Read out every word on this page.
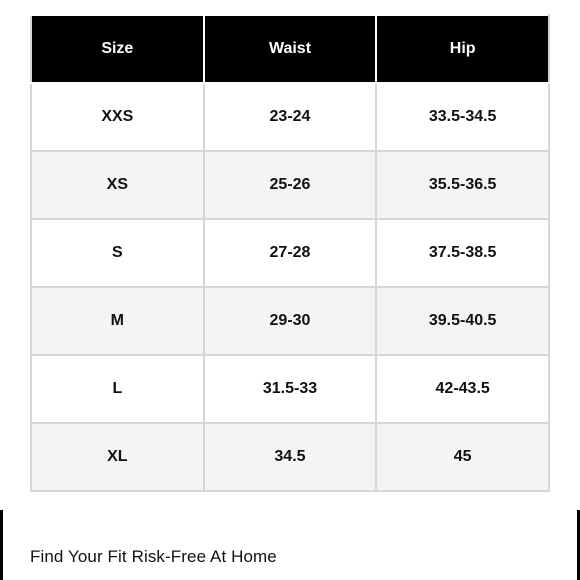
Size	Waist	Hip
XXS	23-24	33.5-34.5
XS	25-26	35.5-36.5
S	27-28	37.5-38.5
M	29-30	39.5-40.5
L	31.5-33	42-43.5
XL	34.5	45
Find Your Fit Risk-Free At Home
